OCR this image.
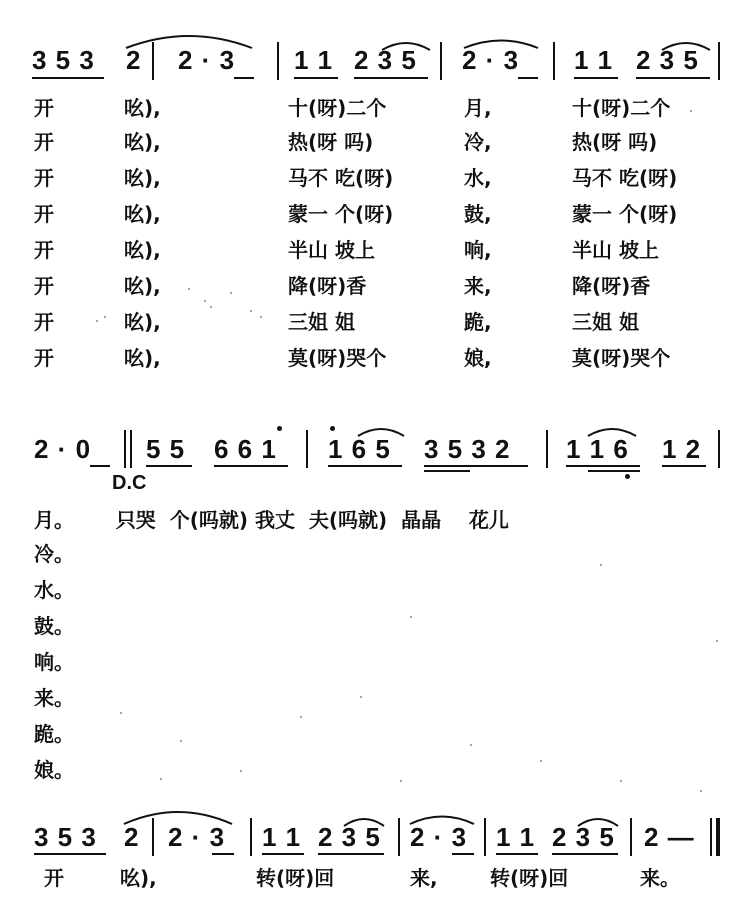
3 5 3 2 2 · 3 1 1 2 3 5 2 · 3 1 1 2 3 5
开	吆),	十(呀)二个	月,	十(呀)二个
开	吆),	热(呀 吗)	冷,	热(呀 吗)
开	吆),	马不 吃(呀)	水,	马不 吃(呀)
开	吆),	蒙一 个(呀)	鼓,	蒙一 个(呀)
开	吆),	半山 坡上	响,	半山 坡上
开	吆),	降(呀)香	来,	降(呀)香
开	吆),	三姐 姐	跪,	三姐 姐
开	吆),	莫(呀)哭个	娘,	莫(呀)哭个
2 · 0 5 5 6 6 1 1 6 5 3 5 3 2 1 1 6 1 2
D.C
月。      只哭  个(吗就) 我丈  夫(吗就)  晶晶    花儿
冷。
水。
鼓。
响。
来。
跪。
娘。
3 5 3 2 2 · 3 1 1 2 3 5 2 · 3 1 1 2 3 5 2 —
开	吆),	转(呀)回	来,	转(呀)回	来。
